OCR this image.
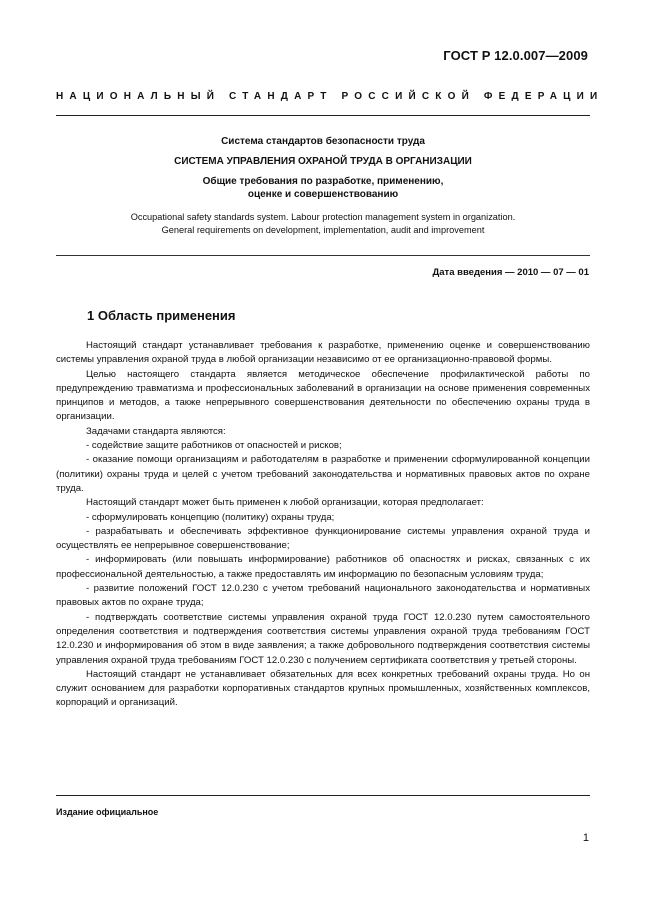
ГОСТ Р 12.0.007—2009
НАЦИОНАЛЬНЫЙ СТАНДАРТ РОССИЙСКОЙ ФЕДЕРАЦИИ
Система стандартов безопасности труда
СИСТЕМА УПРАВЛЕНИЯ ОХРАНОЙ ТРУДА В ОРГАНИЗАЦИИ
Общие требования по разработке, применению,
оценке и совершенствованию
Occupational safety standards system. Labour protection management system in organization.
General requirements on development, implementation, audit and improvement
Дата введения — 2010 — 07 — 01
1 Область применения

Настоящий стандарт устанавливает требования к разработке, применению оценке и совершенствованию системы управления охраной труда в любой организации независимо от ее организационно-правовой формы.

Целью настоящего стандарта является методическое обеспечение профилактической работы по предупреждению травматизма и профессиональных заболеваний в организации на основе применения современных принципов и методов, а также непрерывного совершенствования деятельности по обеспечению охраны труда в организации.

Задачами стандарта являются:

- содействие защите работников от опасностей и рисков;

- оказание помощи организациям и работодателям в разработке и применении сформулированной концепции (политики) охраны труда и целей с учетом требований законодательства и нормативных правовых актов по охране труда.

Настоящий стандарт может быть применен к любой организации, которая предполагает:

- сформулировать концепцию (политику) охраны труда;

- разрабатывать и обеспечивать эффективное функционирование системы управления охраной труда и осуществлять ее непрерывное совершенствование;

- информировать (или повышать информирование) работников об опасностях и рисках, связанных с их профессиональной деятельностью, а также предоставлять им информацию по безопасным условиям труда;

- развитие положений ГОСТ 12.0.230 с учетом требований национального законодательства и нормативных правовых актов по охране труда;

- подтверждать соответствие системы управления охраной труда ГОСТ 12.0.230 путем самостоятельного определения соответствия и подтверждения соответствия системы управления охраной труда требованиям ГОСТ 12.0.230 и информирования об этом в виде заявления; а также добровольного подтверждения соответствия системы управления охраной труда требованиям ГОСТ 12.0.230 с получением сертификата соответствия у третьей стороны.

Настоящий стандарт не устанавливает обязательных для всех конкретных требований охраны труда. Но он служит основанием для разработки корпоративных стандартов крупных промышленных, хозяйственных комплексов, корпораций и организаций.

Издание официальное
1
